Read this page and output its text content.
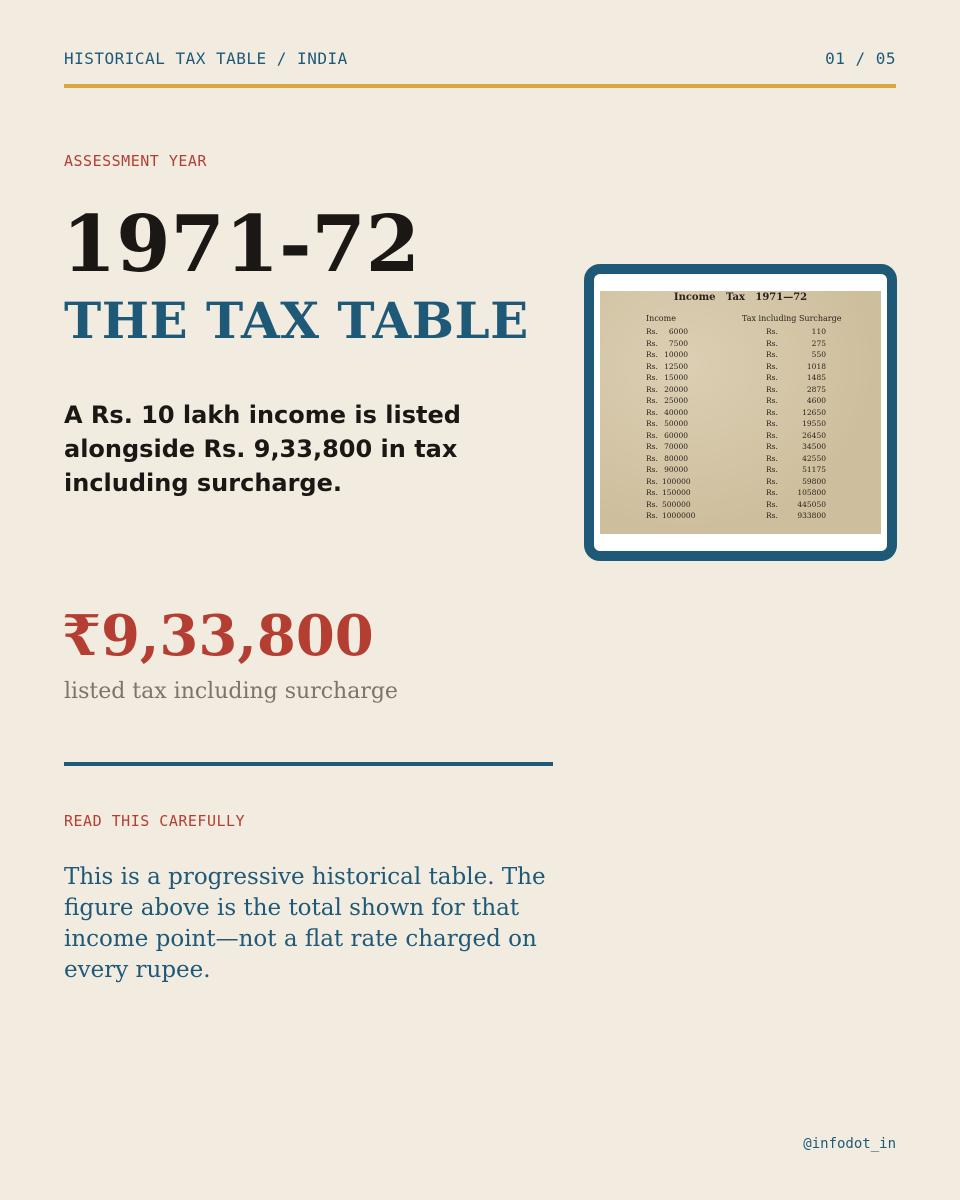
HISTORICAL TAX TABLE / INDIA	01 / 05
ASSESSMENT YEAR
1971-72
THE TAX TABLE
A Rs. 10 lakh income is listed alongside Rs. 9,33,800 in tax including surcharge.
Income   Tax   1971—72
Income	Tax including Surcharge
Rs.	6000	Rs.	110
Rs.	7500	Rs.	275
Rs. 10000	Rs.	550
Rs. 12500	Rs.	1018
Rs. 15000	Rs.	1485
Rs. 20000	Rs.	2875
Rs. 25000	Rs.	4600
Rs. 40000	Rs.	12650
Rs. 50000	Rs.	19550
Rs. 60000	Rs.	26450
Rs. 70000	Rs.	34500
Rs. 80000	Rs.	42550
Rs. 90000	Rs.	51175
Rs. 100000	Rs.	59800
Rs. 150000	Rs.	105800
Rs. 500000	Rs.	445050
Rs. 1000000	Rs.	933800
₹9,33,800
listed tax including surcharge
READ THIS CAREFULLY
This is a progressive historical table. The figure above is the total shown for that income point—not a flat rate charged on every rupee.
@infodot_in
